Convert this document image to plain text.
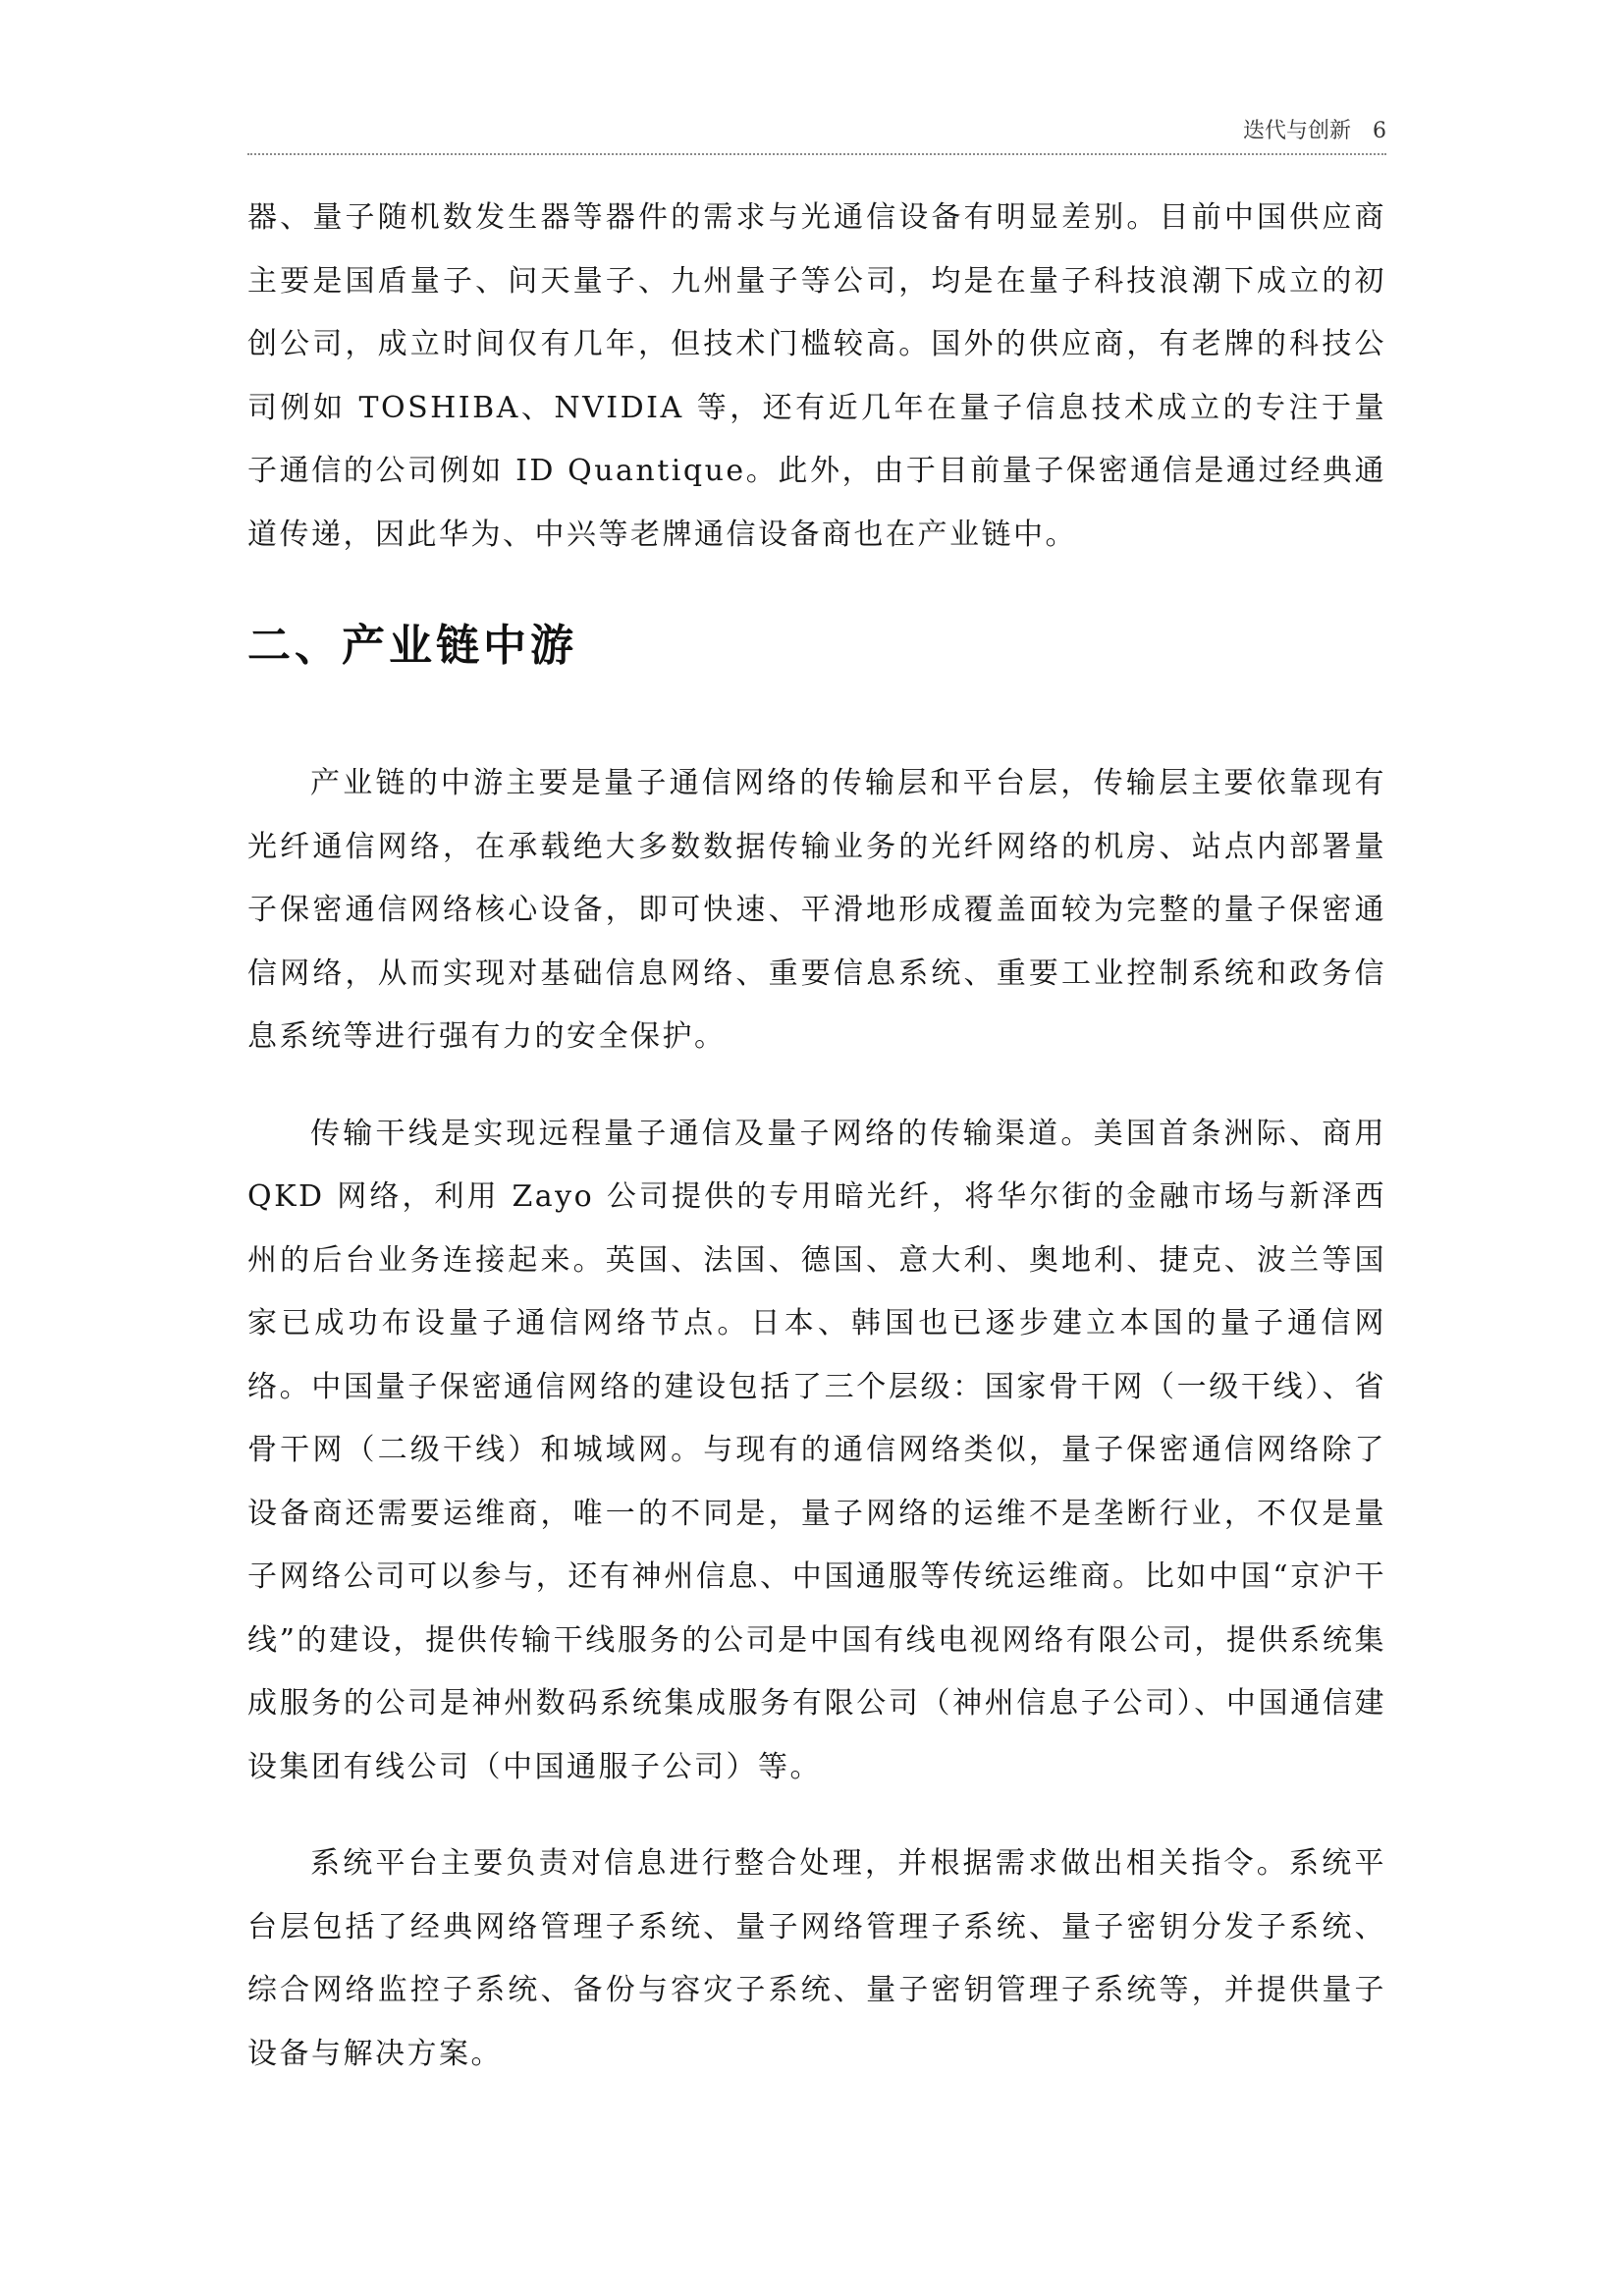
迭代与创新 6

器、量子随机数发生器等器件的需求与光通信设备有明显差别。目前中国供应商主要是国盾量子、问天量子、九州量子等公司，均是在量子科技浪潮下成立的初创公司，成立时间仅有几年，但技术门槛较高。国外的供应商，有老牌的科技公司例如 TOSHIBA、NVIDIA 等，还有近几年在量子信息技术成立的专注于量子通信的公司例如 ID Quantique。此外，由于目前量子保密通信是通过经典通道传递，因此华为、中兴等老牌通信设备商也在产业链中。

二、产业链中游

产业链的中游主要是量子通信网络的传输层和平台层，传输层主要依靠现有光纤通信网络，在承载绝大多数数据传输业务的光纤网络的机房、站点内部署量子保密通信网络核心设备，即可快速、平滑地形成覆盖面较为完整的量子保密通信网络，从而实现对基础信息网络、重要信息系统、重要工业控制系统和政务信息系统等进行强有力的安全保护。

传输干线是实现远程量子通信及量子网络的传输渠道。美国首条洲际、商用 QKD 网络，利用 Zayo 公司提供的专用暗光纤，将华尔街的金融市场与新泽西州的后台业务连接起来。英国、法国、德国、意大利、奥地利、捷克、波兰等国家已成功布设量子通信网络节点。日本、韩国也已逐步建立本国的量子通信网络。中国量子保密通信网络的建设包括了三个层级：国家骨干网（一级干线）、省骨干网（二级干线）和城域网。与现有的通信网络类似，量子保密通信网络除了设备商还需要运维商，唯一的不同是，量子网络的运维不是垄断行业，不仅是量子网络公司可以参与，还有神州信息、中国通服等传统运维商。比如中国“京沪干线”的建设，提供传输干线服务的公司是中国有线电视网络有限公司，提供系统集成服务的公司是神州数码系统集成服务有限公司（神州信息子公司）、中国通信建设集团有线公司（中国通服子公司）等。

系统平台主要负责对信息进行整合处理，并根据需求做出相关指令。系统平台层包括了经典网络管理子系统、量子网络管理子系统、量子密钥分发子系统、综合网络监控子系统、备份与容灾子系统、量子密钥管理子系统等，并提供量子设备与解决方案。
